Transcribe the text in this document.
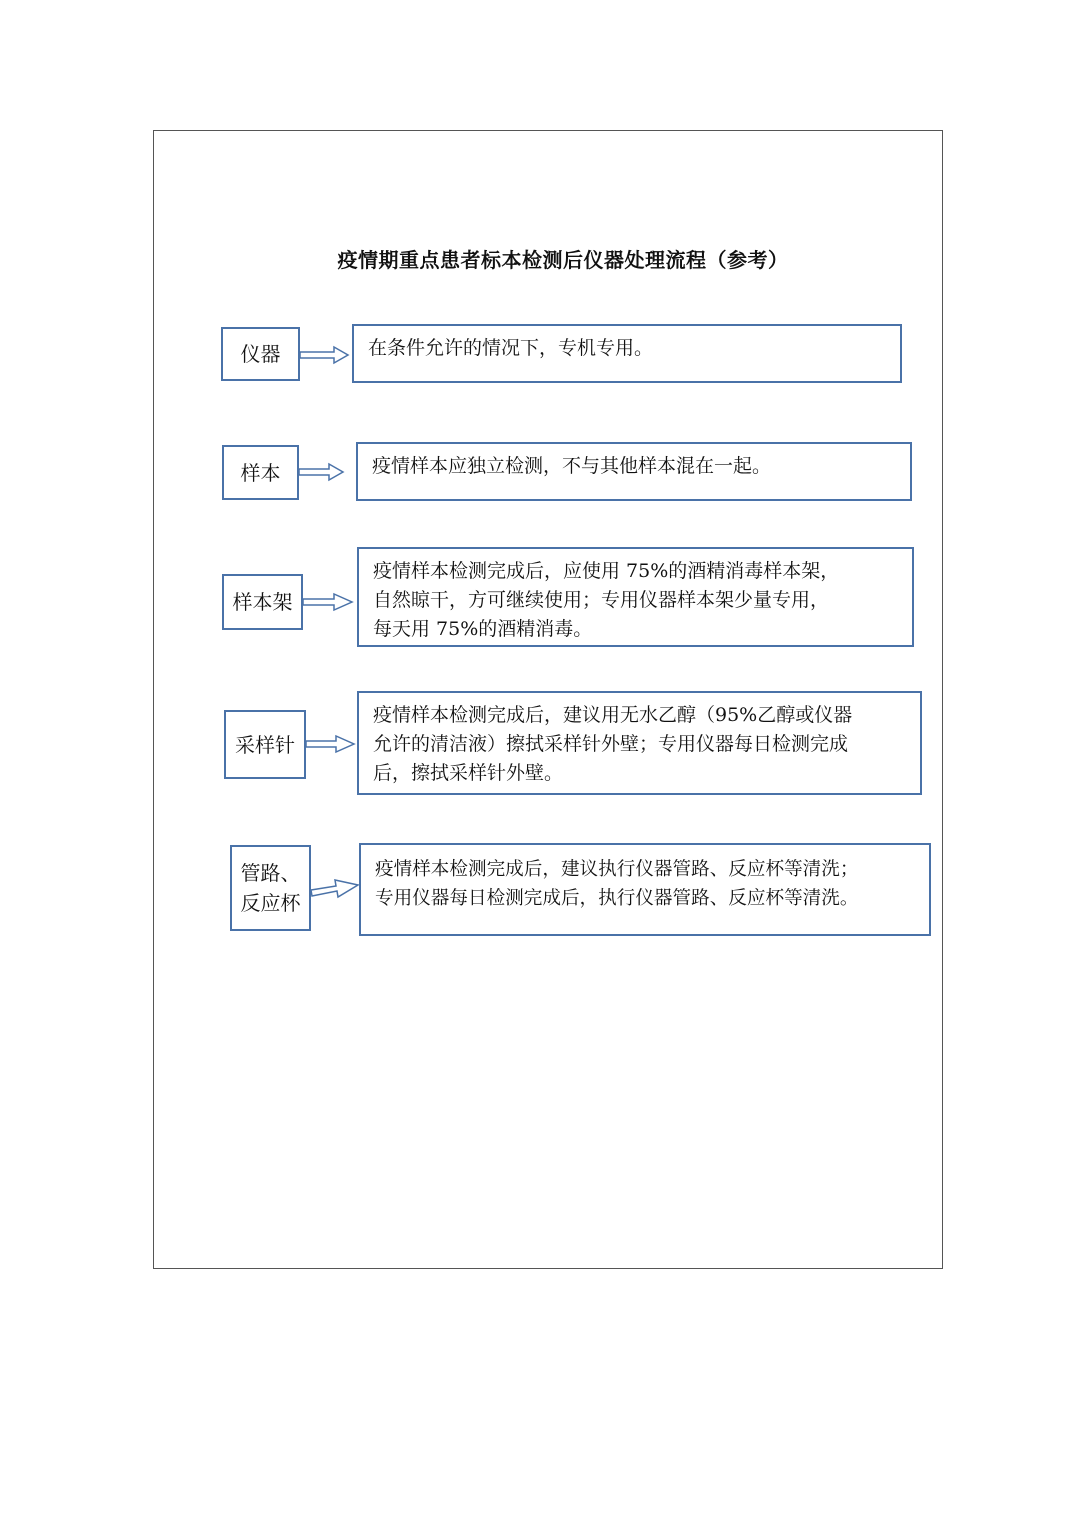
疫情期重点患者标本检测后仪器处理流程（参考）
仪器	在条件允许的情况下，专机专用。
样本	疫情样本应独立检测，不与其他样本混在一起。
样本架
疫情样本检测完成后，应使用 75%的酒精消毒样本架，
自然晾干，方可继续使用；专用仪器样本架少量专用，
每天用 75%的酒精消毒。
采样针
疫情样本检测完成后，建议用无水乙醇（95%乙醇或仪器
允许的清洁液）擦拭采样针外壁；专用仪器每日检测完成
后，擦拭采样针外壁。
管路、
反应杯
疫情样本检测完成后，建议执行仪器管路、反应杯等清洗；
专用仪器每日检测完成后，执行仪器管路、反应杯等清洗。
